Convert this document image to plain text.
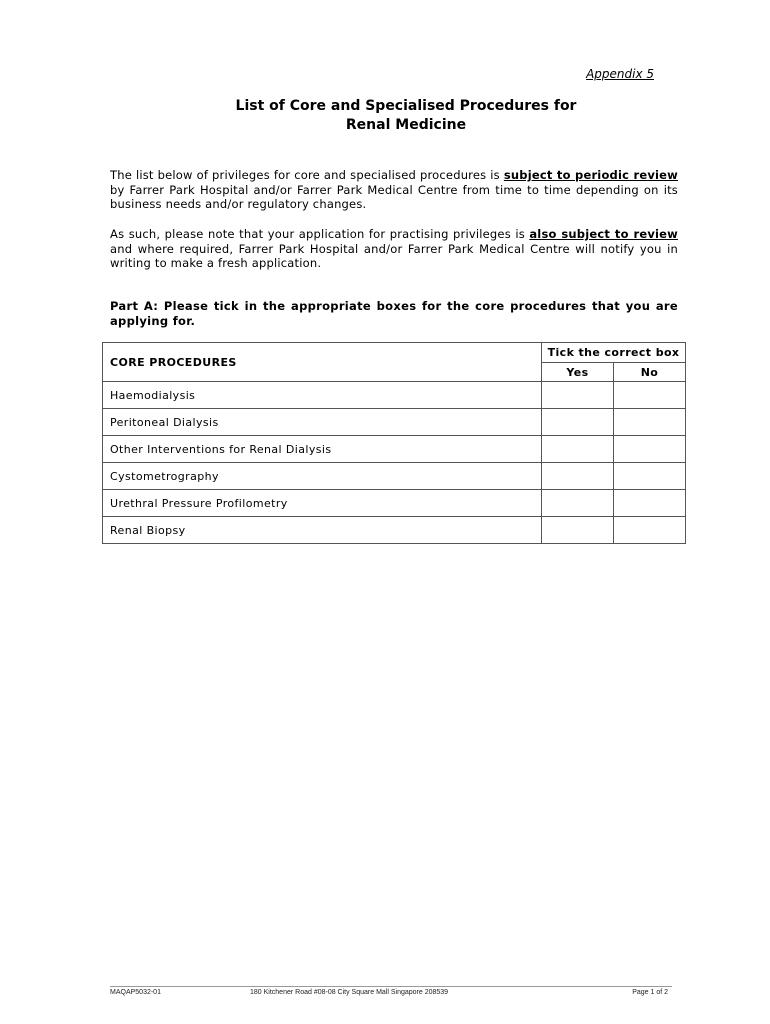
Appendix 5
List of Core and Specialised Procedures for
Renal Medicine
The list below of privileges for core and specialised procedures is subject to periodic review by Farrer Park Hospital and/or Farrer Park Medical Centre from time to time depending on its business needs and/or regulatory changes.
As such, please note that your application for practising privileges is also subject to review and where required, Farrer Park Hospital and/or Farrer Park Medical Centre will notify you in writing to make a fresh application.
Part A: Please tick in the appropriate boxes for the core procedures that you are applying for.
CORE PROCEDURES	Tick the correct box	
	Yes	No
Haemodialysis		
Peritoneal Dialysis		
Other Interventions for Renal Dialysis		
Cystometrography		
Urethral Pressure Profilometry		
Renal Biopsy		
MAQAP5032-01	180 Kitchener Road #08-08 City Square Mall Singapore 208539	Page 1 of 2
